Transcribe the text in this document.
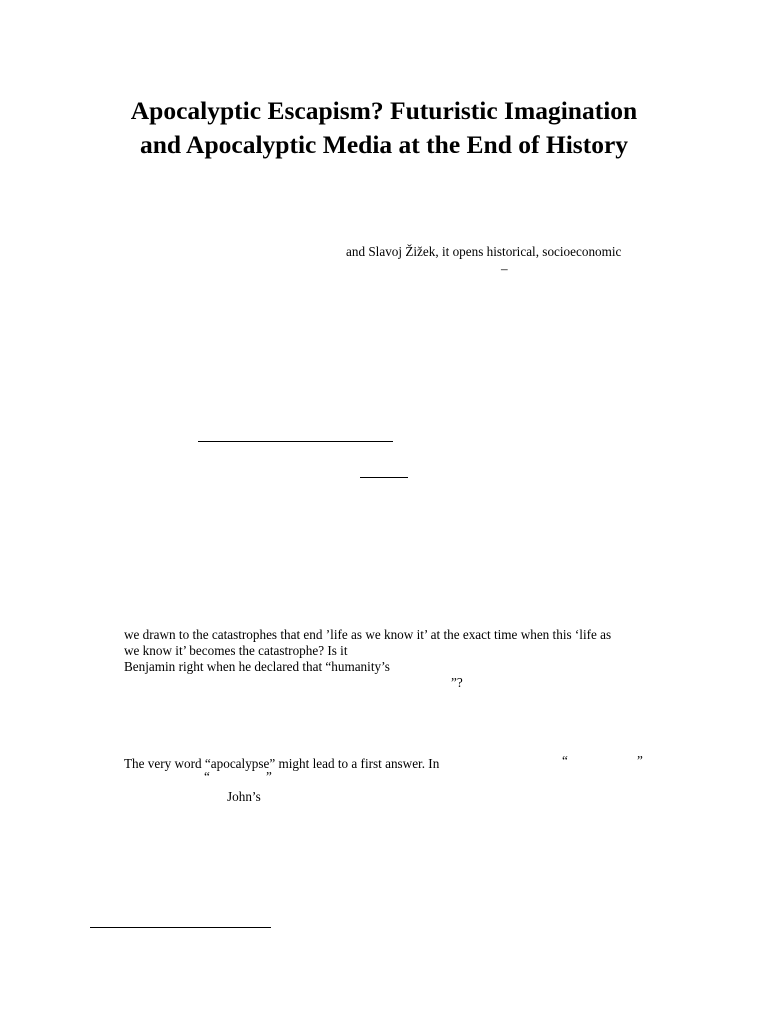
Apocalyptic Escapism? Futuristic Imagination
and Apocalyptic Media at the End of History
and Slavoj Žižek, it opens historical, socioeconomic
–
we drawn to the catastrophes that end ’life as we know it’ at the exact time when this ‘life as
we know it’ becomes the catastrophe? Is it
Benjamin right when he declared that “humanity’s
”?
The very word “apocalypse” might lead to a first answer. In	“	”
“	”
John’s
